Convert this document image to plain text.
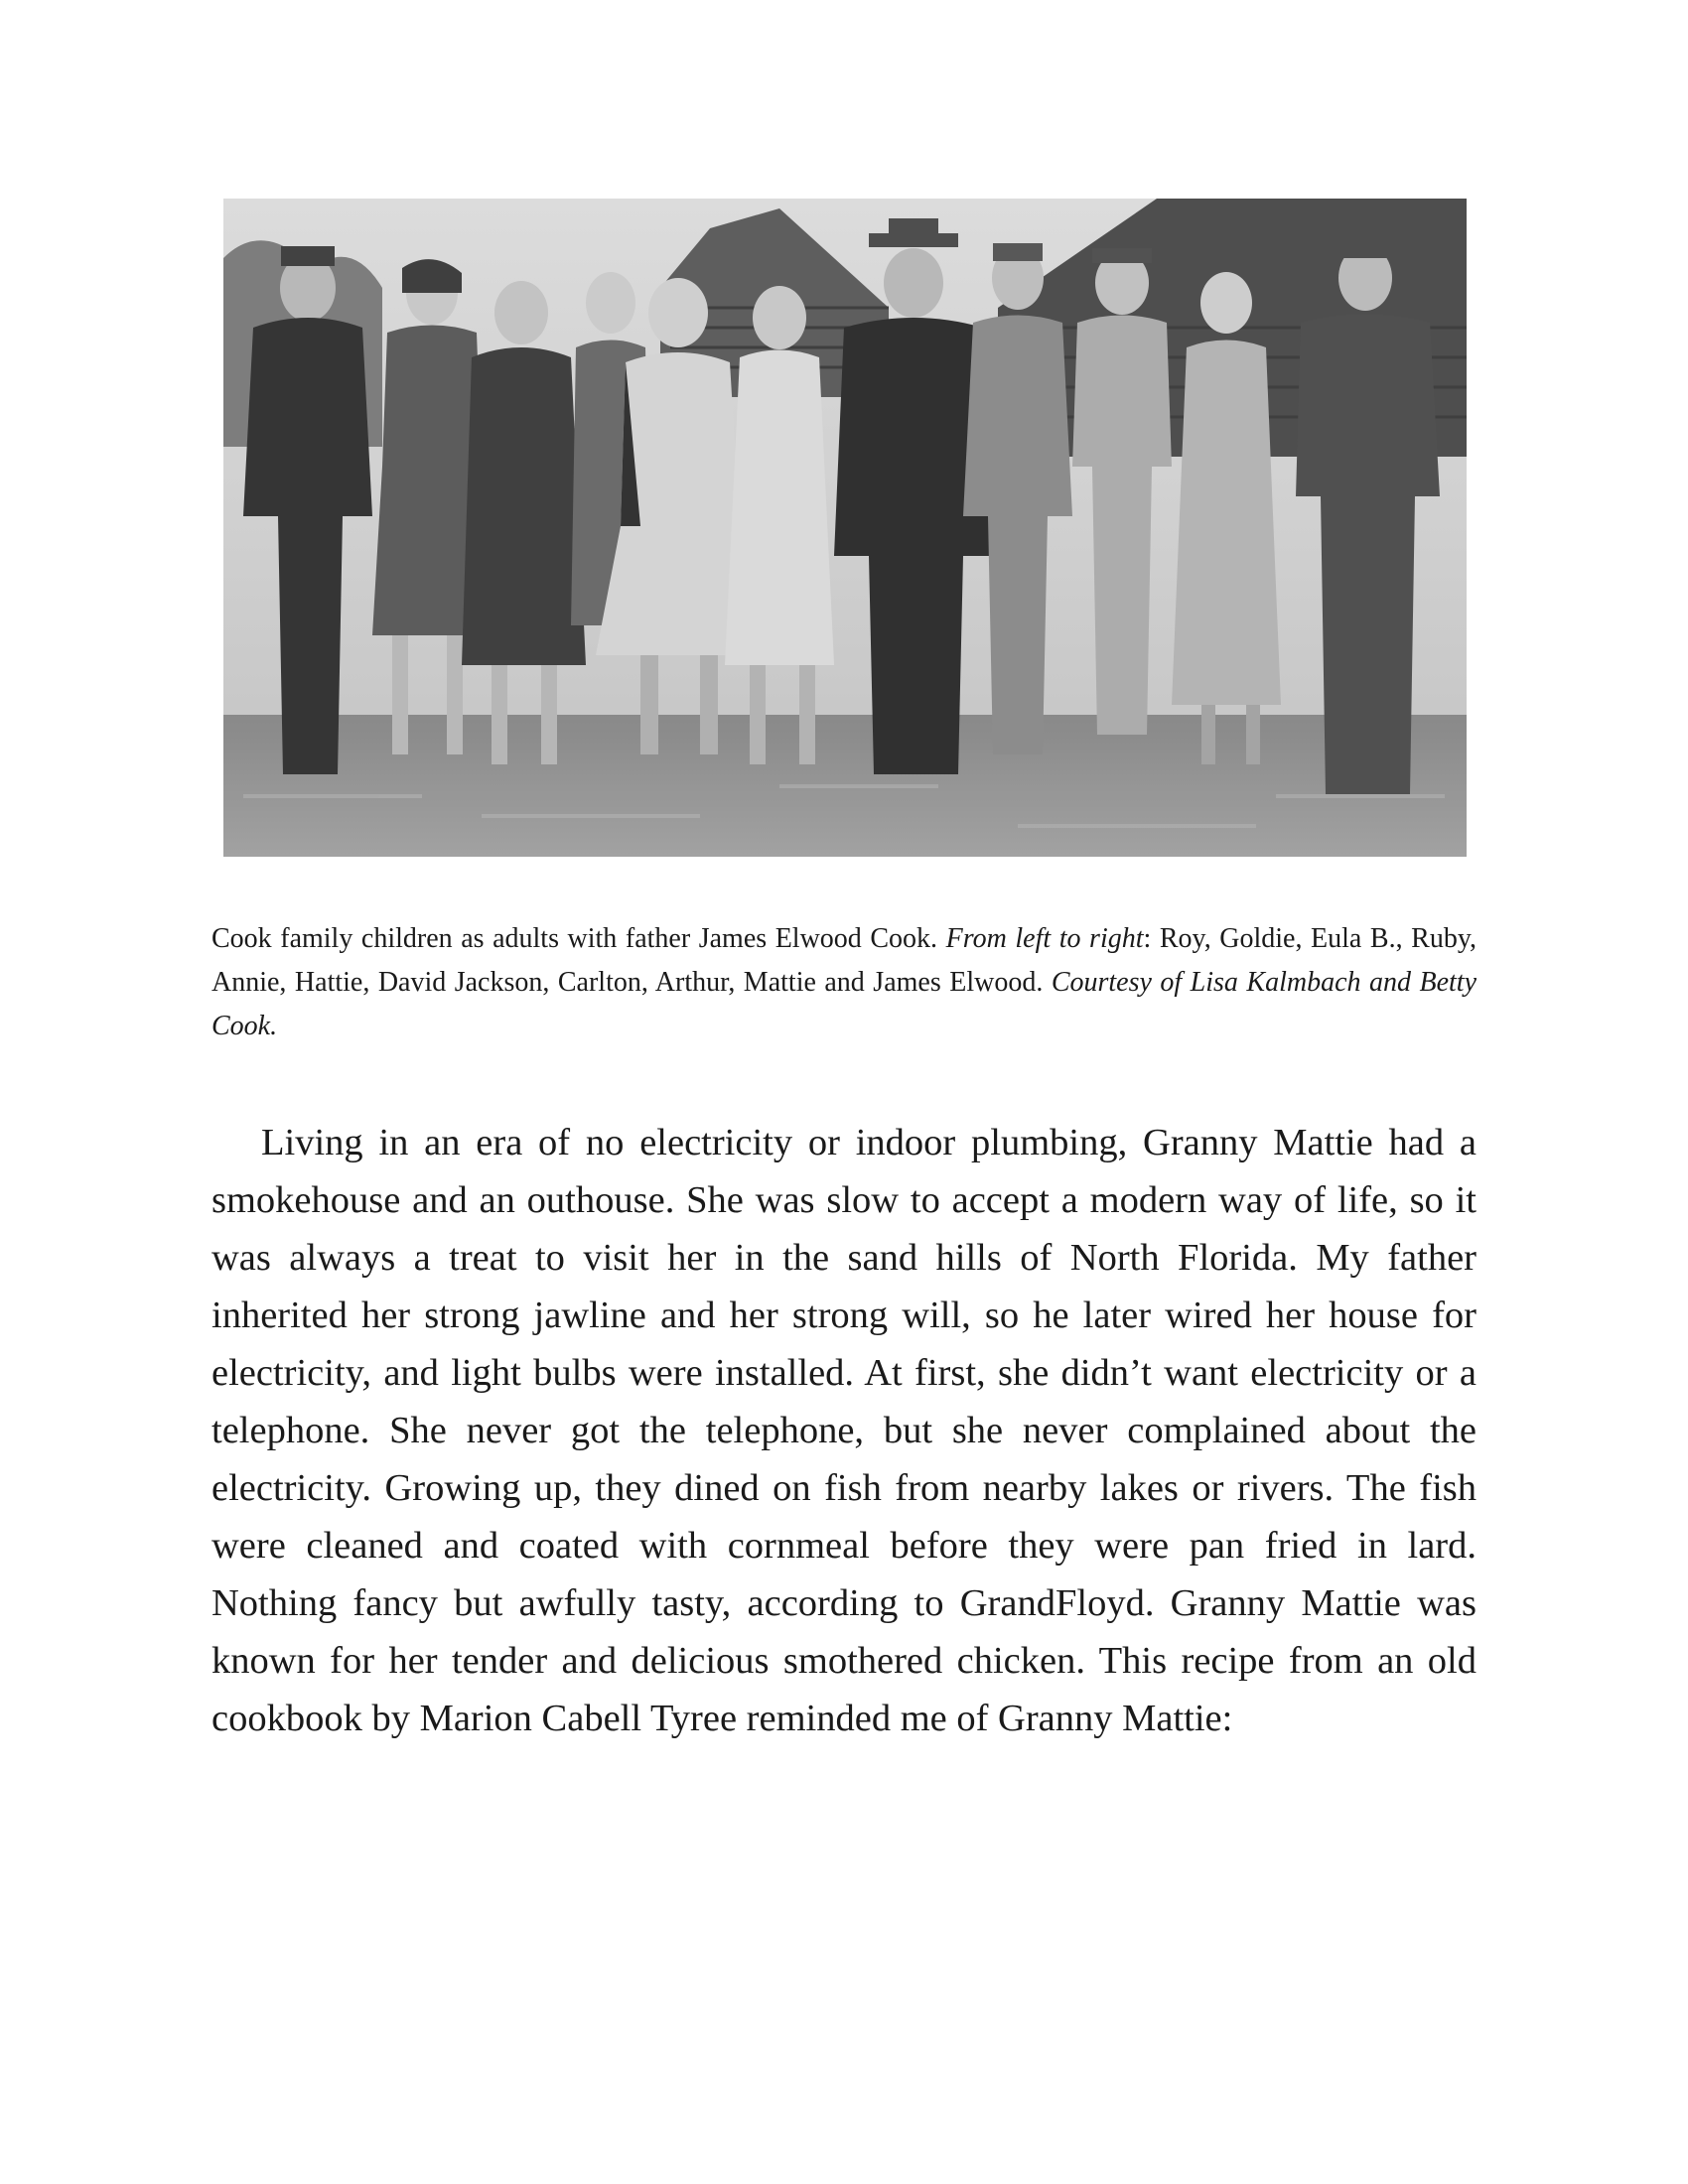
Cook family children as adults with father James Elwood Cook. From left to right: Roy, Goldie, Eula B., Ruby, Annie, Hattie, David Jackson, Carlton, Arthur, Mattie and James Elwood. Courtesy of Lisa Kalmbach and Betty Cook.

Living in an era of no electricity or indoor plumbing, Granny Mattie had a smokehouse and an outhouse. She was slow to accept a modern way of life, so it was always a treat to visit her in the sand hills of North Florida. My father inherited her strong jawline and her strong will, so he later wired her house for electricity, and light bulbs were installed. At first, she didn’t want electricity or a telephone. She never got the telephone, but she never complained about the electricity. Growing up, they dined on fish from nearby lakes or rivers. The fish were cleaned and coated with cornmeal before they were pan fried in lard. Nothing fancy but awfully tasty, according to GrandFloyd. Granny Mattie was known for her tender and delicious smothered chicken. This recipe from an old cookbook by Marion Cabell Tyree reminded me of Granny Mattie:
